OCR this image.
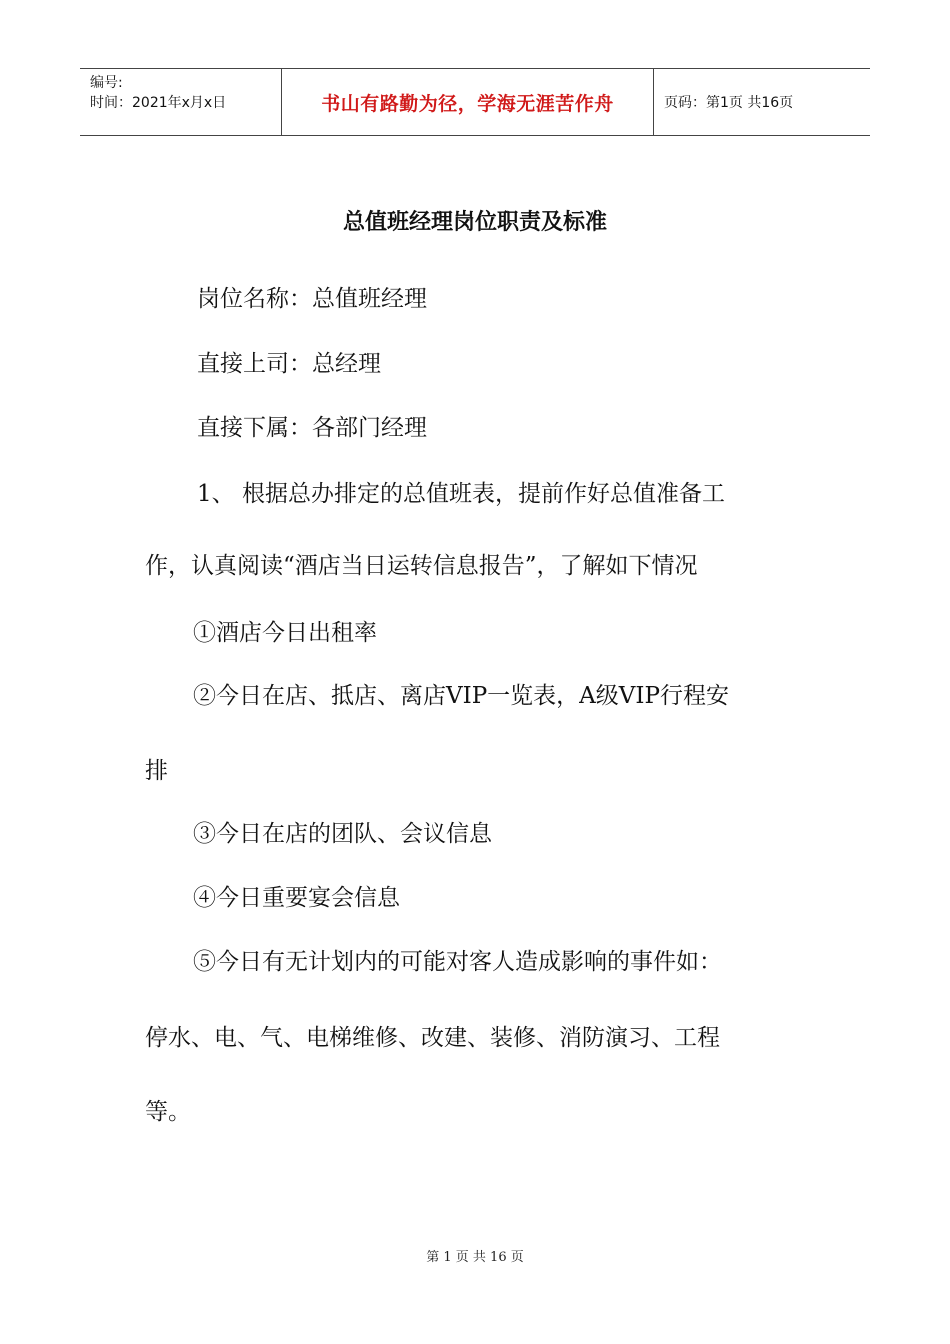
编号:
时间：2021年x月x日	书山有路勤为径，学海无涯苦作舟	页码：第1页 共16页
总值班经理岗位职责及标准
岗位名称：总值班经理
直接上司：总经理
直接下属：各部门经理
1、 根据总办排定的总值班表，提前作好总值准备工
作，认真阅读“酒店当日运转信息报告”，了解如下情况
①酒店今日出租率
②今日在店、抵店、离店VIP一览表，A级VIP行程安
排
③今日在店的团队、会议信息
④今日重要宴会信息
⑤今日有无计划内的可能对客人造成影响的事件如：
停水、电、气、电梯维修、改建、装修、消防演习、工程
等。
第 1 页 共 16 页
